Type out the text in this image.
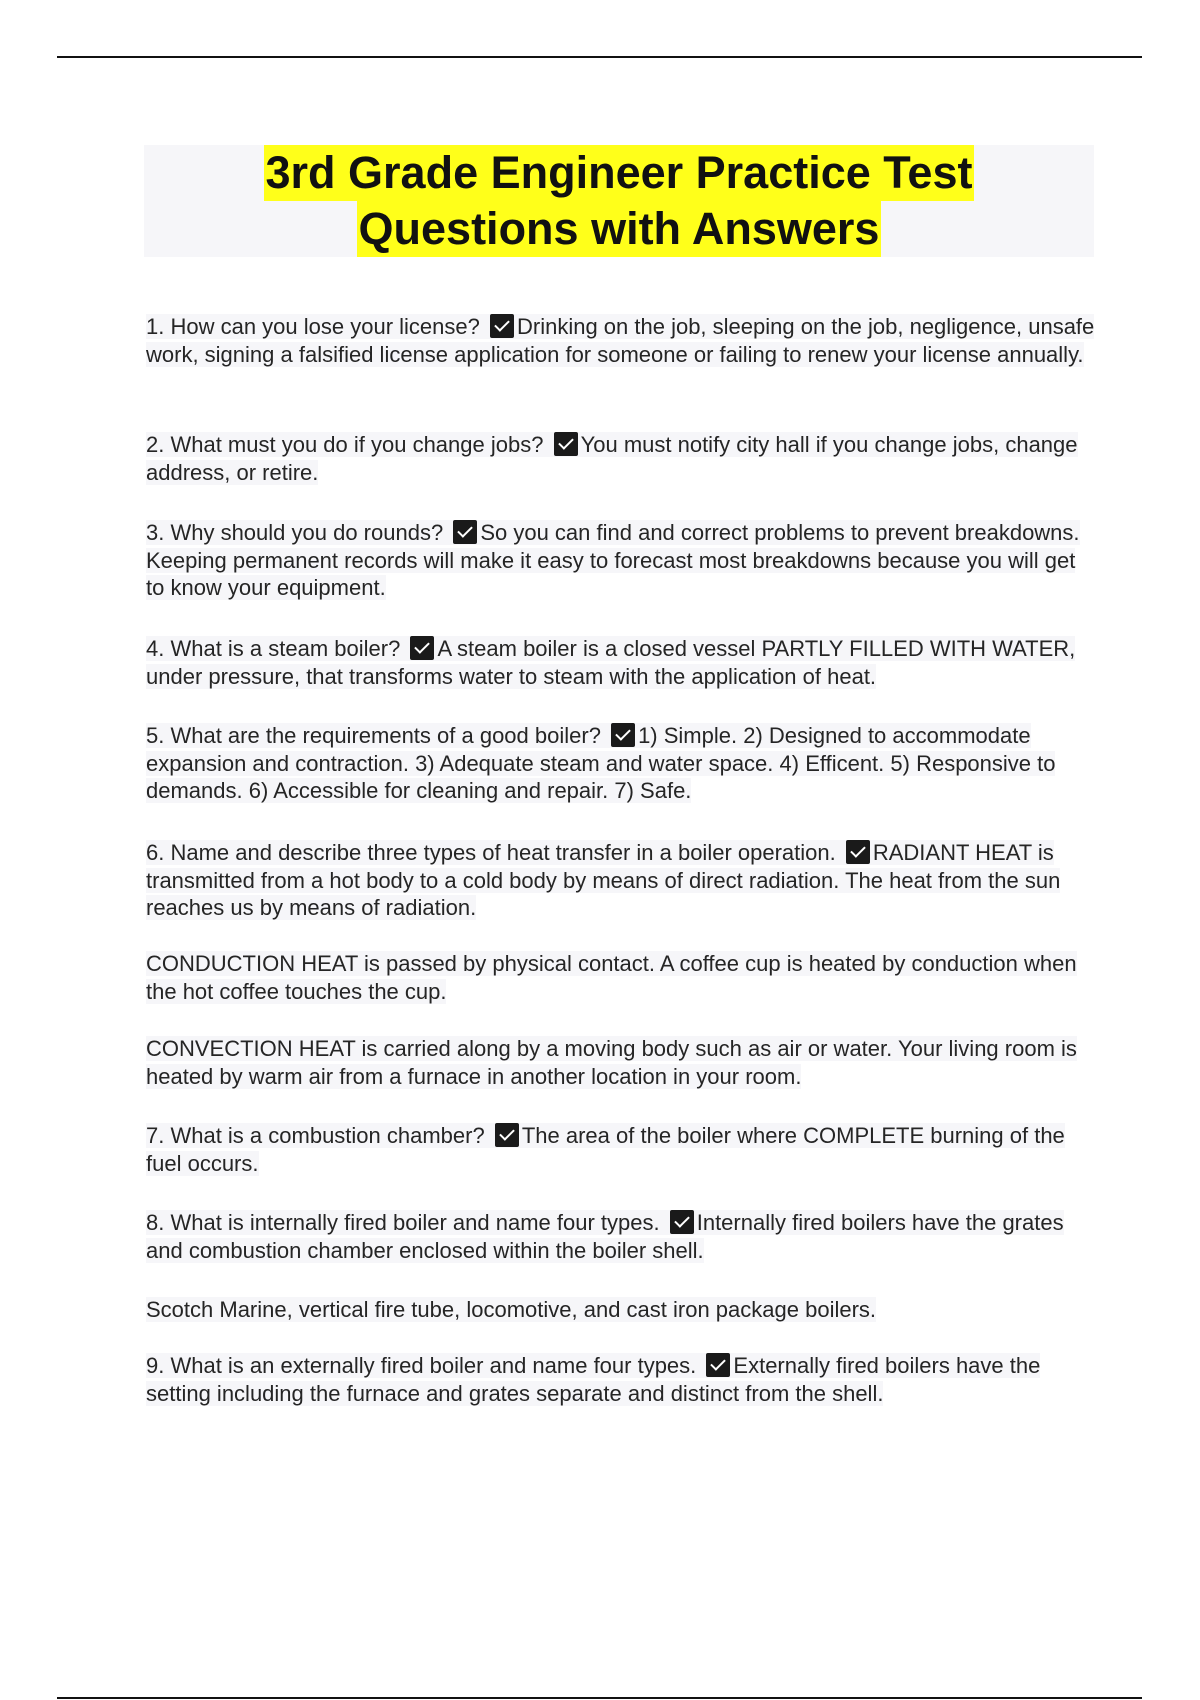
3rd Grade Engineer Practice Test
Questions with Answers
1. How can you lose your license? Drinking on the job, sleeping on the job, negligence, unsafe work, signing a falsified license application for someone or failing to renew your license annually.
2. What must you do if you change jobs? You must notify city hall if you change jobs, change address, or retire.
3. Why should you do rounds? So you can find and correct problems to prevent breakdowns. Keeping permanent records will make it easy to forecast most breakdowns because you will get to know your equipment.
4. What is a steam boiler? A steam boiler is a closed vessel PARTLY FILLED WITH WATER, under pressure, that transforms water to steam with the application of heat.
5. What are the requirements of a good boiler? 1) Simple. 2) Designed to accommodate expansion and contraction. 3) Adequate steam and water space. 4) Efficent. 5) Responsive to demands. 6) Accessible for cleaning and repair. 7) Safe.
6. Name and describe three types of heat transfer in a boiler operation. RADIANT HEAT is transmitted from a hot body to a cold body by means of direct radiation. The heat from the sun reaches us by means of radiation.
CONDUCTION HEAT is passed by physical contact. A coffee cup is heated by conduction when the hot coffee touches the cup.
CONVECTION HEAT is carried along by a moving body such as air or water. Your living room is heated by warm air from a furnace in another location in your room.
7. What is a combustion chamber? The area of the boiler where COMPLETE burning of the fuel occurs.
8. What is internally fired boiler and name four types. Internally fired boilers have the grates and combustion chamber enclosed within the boiler shell.
Scotch Marine, vertical fire tube, locomotive, and cast iron package boilers.
9. What is an externally fired boiler and name four types. Externally fired boilers have the setting including the furnace and grates separate and distinct from the shell.
